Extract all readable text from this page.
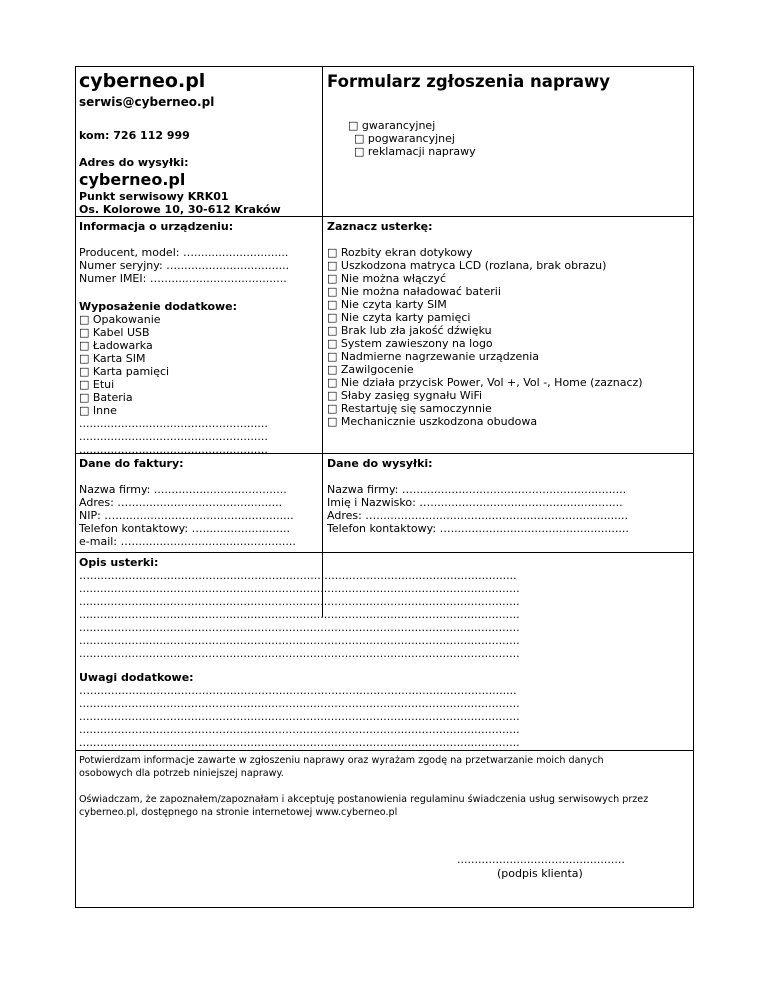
cyberneo.pl
serwis@cyberneo.pl
kom: 726 112 999
Adres do wysyłki:
cyberneo.pl
Punkt serwisowy KRK01
Os. Kolorowe 10, 30-612 Kraków
Formularz zgłoszenia naprawy

□ gwarancyjnej
□ pogwarancyjnej
□ reklamacji naprawy

Informacja o urządzeniu:
Producent, model: …...........................
Numer seryjny: …................................
Numer IMEI: …....................................
Wyposażenie dodatkowe:
□ Opakowanie
□ Kabel USB
□ Ładowarka
□ Karta SIM
□ Karta pamięci
□ Etui
□ Bateria
□ Inne
......................................................
......................................................
......................................................
Zaznacz usterkę:
□ Rozbity ekran dotykowy
□ Uszkodzona matryca LCD (rozlana, brak obrazu)
□ Nie można włączyć
□ Nie można naładować baterii
□ Nie czyta karty SIM
□ Nie czyta karty pamięci
□ Brak lub zła jakość dźwięku
□ System zawieszony na logo
□ Nadmierne nagrzewanie urządzenia
□ Zawilgocenie
□ Nie działa przycisk Power, Vol +, Vol -, Home (zaznacz)
□ Słaby zasięg sygnału WiFi
□ Restartuję się samoczynnie
□ Mechanicznie uszkodzona obudowa
Dane do faktury:
Nazwa firmy: ......................................
Adres: …............................................
NIP: …...................................................
Telefon kontaktowy: ….........................
e-mail: …...............................................
Dane do wysyłki:
Nazwa firmy: ….............................................................
Imię i Nazwisko: ….......................................................
Adres: …........................................................................
Telefon kontaktowy: …...................................................
Opis usterki:
…..........................................................................................................................
..............................................................................................................................
..............................................................................................................................
..............................................................................................................................
..............................................................................................................................
..............................................................................................................................
..............................................................................................................................
Uwagi dodatkowe:
…..........................................................................................................................
..............................................................................................................................
..............................................................................................................................
..............................................................................................................................
..............................................................................................................................
Potwierdzam informacje zawarte w zgłoszeniu naprawy oraz wyrażam zgodę na przetwarzanie moich danych osobowych dla potrzeb niniejszej naprawy.
Oświadczam, że zapoznałem/zapoznałam i akceptuję postanowienia regulaminu świadczenia usług serwisowych przez cyberneo.pl, dostępnego na stronie internetowej www.cyberneo.pl
................................................
(podpis klienta)
